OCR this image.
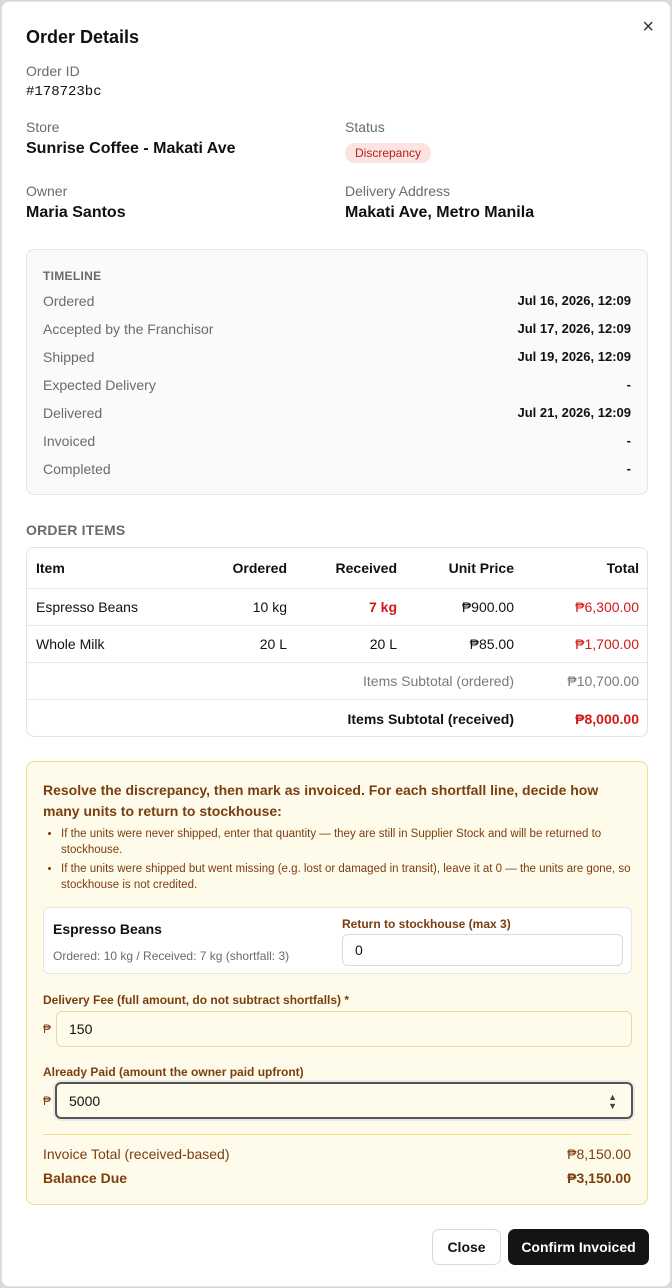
×
Order Details
Order ID
#178723bc
Store
Sunrise Coffee - Makati Ave
Status
Discrepancy
Owner
Maria Santos
Delivery Address
Makati Ave, Metro Manila
TIMELINE
Ordered	Jul 16, 2026, 12:09
Accepted by the Franchisor	Jul 17, 2026, 12:09
Shipped	Jul 19, 2026, 12:09
Expected Delivery	-
Delivered	Jul 21, 2026, 12:09
Invoiced	-
Completed	-
ORDER ITEMS
Item	Ordered	Received	Unit Price	Total
Espresso Beans	10 kg	7 kg	₱900.00	₱6,300.00
Whole Milk	20 L	20 L	₱85.00	₱1,700.00
Items Subtotal (ordered)	₱10,700.00
Items Subtotal (received)	₱8,000.00
Resolve the discrepancy, then mark as invoiced. For each shortfall line, decide how many units to return to stockhouse:
• If the units were never shipped, enter that quantity — they are still in Supplier Stock and will be returned to stockhouse.
• If the units were shipped but went missing (e.g. lost or damaged in transit), leave it at 0 — the units are gone, so stockhouse is not credited.
Espresso Beans
Ordered: 10 kg / Received: 7 kg (shortfall: 3)
Return to stockhouse (max 3)
0
Delivery Fee (full amount, do not subtract shortfalls) *
₱	150
Already Paid (amount the owner paid upfront)
₱ 5000	▲
▼
Invoice Total (received-based)	₱8,150.00
Balance Due	₱3,150.00
Close	Confirm Invoiced
